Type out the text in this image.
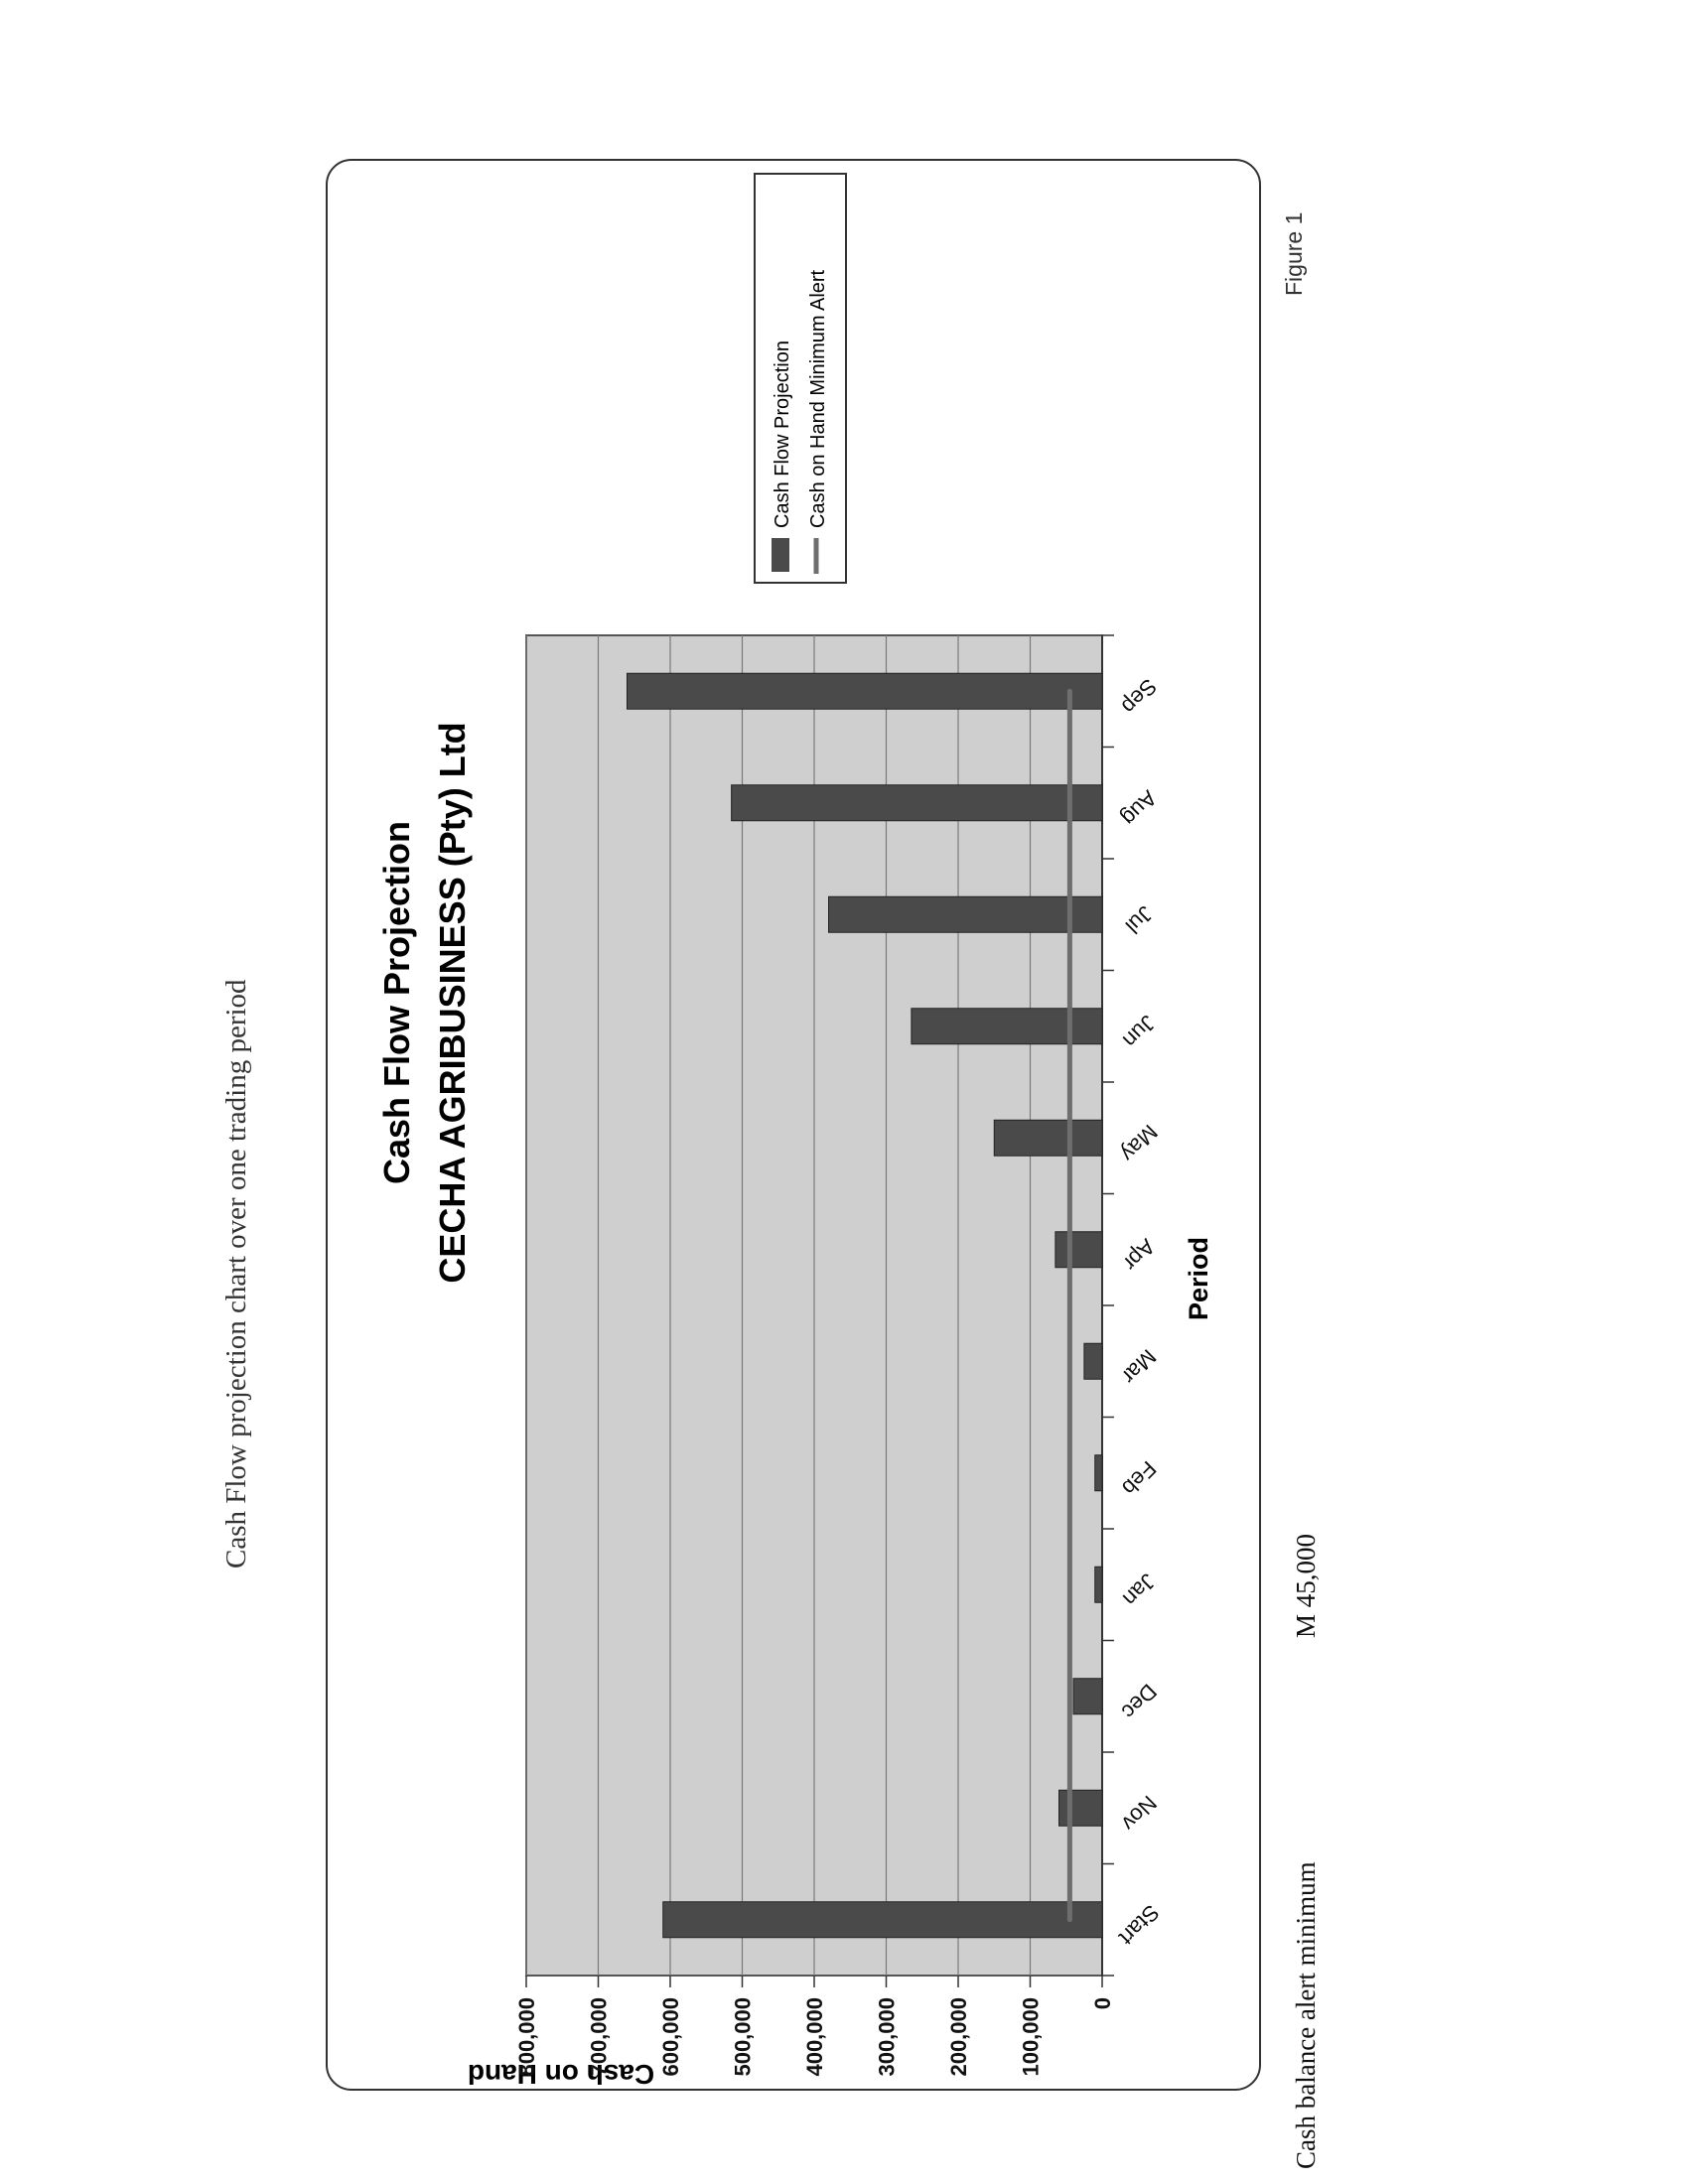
Cash Flow projection chart over one trading period	Cash Flow Projection CECHA AGRIBUSINESS (Pty) Ltd	Period
Cash on Hand
0
100,000
200,000
300,000
400,000
500,000
600,000
700,000
800,000
Start
Nov
Dec
Jan
Feb
Mar
Apr
May
Jun
Jul
Aug
Sep
Cash Flow Projection Cash on Hand Minimum Alert
Cash balance alert minimum
M 45,000
Figure 1
